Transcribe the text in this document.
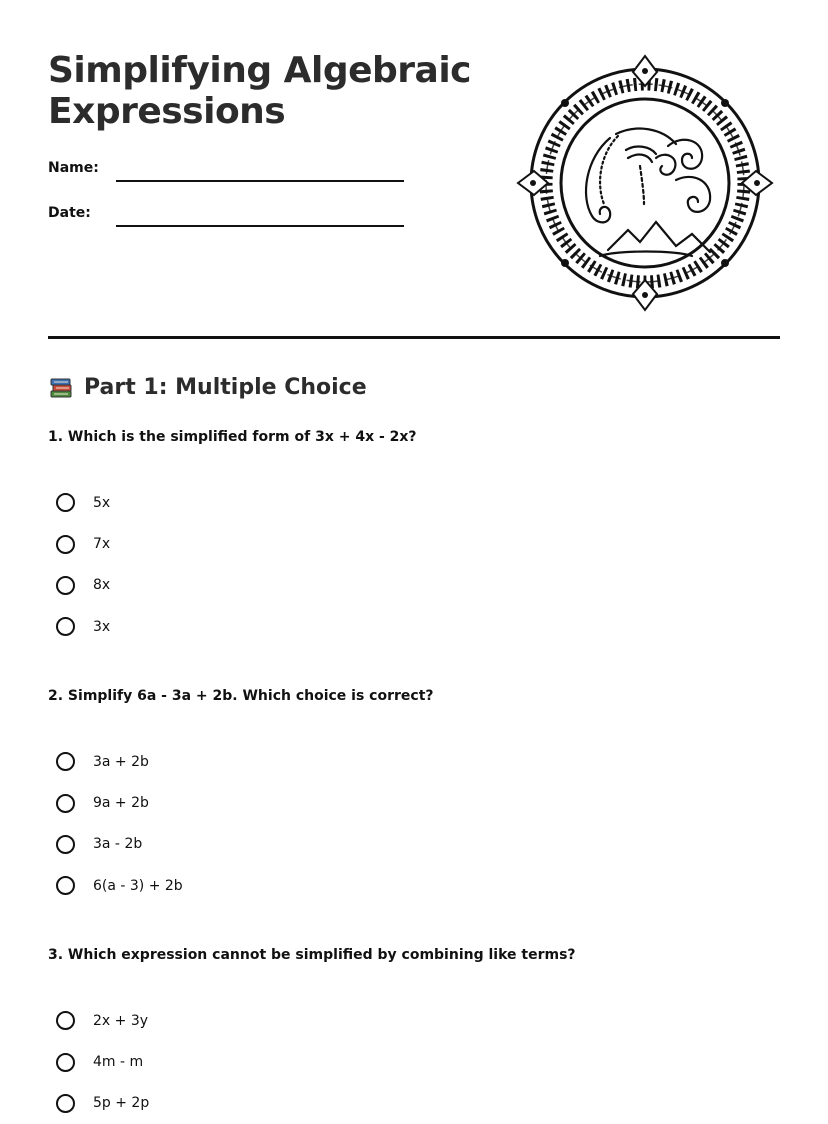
Simplifying Algebraic
Expressions
Name:
Date:
Part 1: Multiple Choice
1. Which is the simplified form of 3x + 4x - 2x?
5x
7x
8x
3x
2. Simplify 6a - 3a + 2b. Which choice is correct?
3a + 2b
9a + 2b
3a - 2b
6(a - 3) + 2b
3. Which expression cannot be simplified by combining like terms?
2x + 3y
4m - m
5p + 2p
